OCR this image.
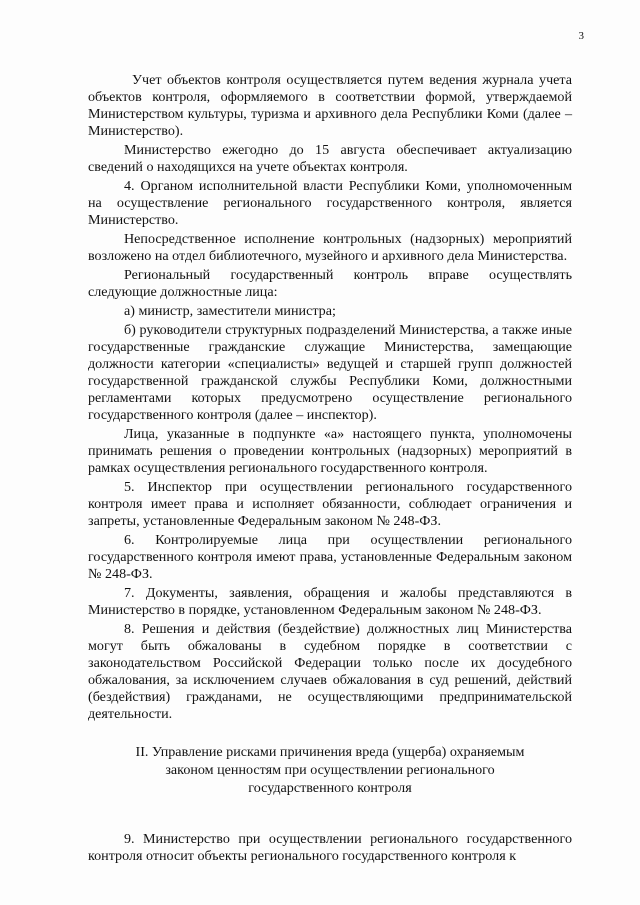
3

Учет объектов контроля осуществляется путем ведения журнала учета объектов контроля, оформляемого в соответствии формой, утверждаемой Министерством культуры, туризма и архивного дела Республики Коми (далее – Министерство).

Министерство ежегодно до 15 августа обеспечивает актуализацию сведений о находящихся на учете объектах контроля.

4. Органом исполнительной власти Республики Коми, уполномоченным на осуществление регионального государственного контроля, является Министерство.

Непосредственное исполнение контрольных (надзорных) мероприятий возложено на отдел библиотечного, музейного и архивного дела Министерства.

Региональный государственный контроль вправе осуществлять следующие должностные лица:

а) министр, заместители министра;

б) руководители структурных подразделений Министерства, а также иные государственные гражданские служащие Министерства, замещающие должности категории «специалисты» ведущей и старшей групп должностей государственной гражданской службы Республики Коми, должностными регламентами которых предусмотрено осуществление регионального государственного контроля (далее – инспектор).

Лица, указанные в подпункте «а» настоящего пункта, уполномочены принимать решения о проведении контрольных (надзорных) мероприятий в рамках осуществления регионального государственного контроля.

5. Инспектор при осуществлении регионального государственного контроля имеет права и исполняет обязанности, соблюдает ограничения и запреты, установленные Федеральным законом № 248-ФЗ.

6. Контролируемые лица при осуществлении регионального государственного контроля имеют права, установленные Федеральным законом № 248-ФЗ.

7. Документы, заявления, обращения и жалобы представляются в Министерство в порядке, установленном Федеральным законом № 248-ФЗ.

8. Решения и действия (бездействие) должностных лиц Министерства могут быть обжалованы в судебном порядке в соответствии с законодательством Российской Федерации только после их досудебного обжалования, за исключением случаев обжалования в суд решений, действий (бездействия) гражданами, не осуществляющими предпринимательской деятельности.

II. Управление рисками причинения вреда (ущерба) охраняемым
законом ценностям при осуществлении регионального
государственного контроля

9. Министерство при осуществлении регионального государственного контроля относит объекты регионального государственного контроля к
